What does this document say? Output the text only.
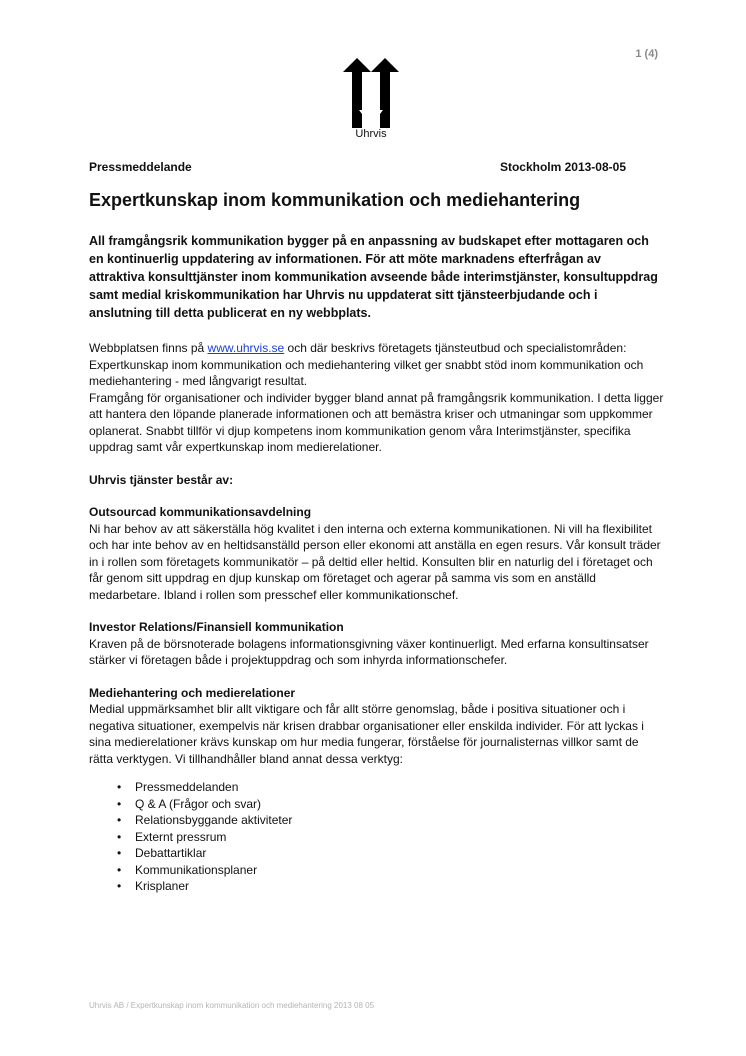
1 (4)
Uhrvis
Pressmeddelande	Stockholm 2013-08-05
Expertkunskap inom kommunikation och mediehantering

All framgångsrik kommunikation bygger på en anpassning av budskapet efter mottagaren och en kontinuerlig uppdatering av informationen. För att möte marknadens efterfrågan av attraktiva konsulttjänster inom kommunikation avseende både interimstjänster, konsultuppdrag samt medial kriskommunikation har Uhrvis nu uppdaterat sitt tjänsteerbjudande och i anslutning till detta publicerat en ny webbplats.

Webbplatsen finns på www.uhrvis.se och där beskrivs företagets tjänsteutbud och specialistområden: Expertkunskap inom kommunikation och mediehantering vilket ger snabbt stöd inom kommunikation och mediehantering - med långvarigt resultat.

Framgång för organisationer och individer bygger bland annat på framgångsrik kommunikation. I detta ligger att hantera den löpande planerade informationen och att bemästra kriser och utmaningar som uppkommer oplanerat. Snabbt tillför vi djup kompetens inom kommunikation genom våra Interimstjänster, specifika uppdrag samt vår expertkunskap inom medierelationer.

Uhrvis tjänster består av:

Outsourcad kommunikationsavdelning

Ni har behov av att säkerställa hög kvalitet i den interna och externa kommunikationen. Ni vill ha flexibilitet och har inte behov av en heltidsanställd person eller ekonomi att anställa en egen resurs. Vår konsult träder in i rollen som företagets kommunikatör – på deltid eller heltid. Konsulten blir en naturlig del i företaget och får genom sitt uppdrag en djup kunskap om företaget och agerar på samma vis som en anställd medarbetare. Ibland i rollen som presschef eller kommunikationschef.

Investor Relations/Finansiell kommunikation

Kraven på de börsnoterade bolagens informationsgivning växer kontinuerligt. Med erfarna konsultinsatser stärker vi företagen både i projektuppdrag och som inhyrda informationschefer.

Mediehantering och medierelationer

Medial uppmärksamhet blir allt viktigare och får allt större genomslag, både i positiva situationer och i negativa situationer, exempelvis när krisen drabbar organisationer eller enskilda individer. För att lyckas i sina medierelationer krävs kunskap om hur media fungerar, förståelse för journalisternas villkor samt de rätta verktygen. Vi tillhandhåller bland annat dessa verktyg:

• Pressmeddelanden
• Q & A (Frågor och svar)
• Relationsbyggande aktiviteter
• Externt pressrum
• Debattartiklar
• Kommunikationsplaner
• Krisplaner
Uhrvis AB / Expertkunskap inom kommunikation och mediehantering 2013 08 05
